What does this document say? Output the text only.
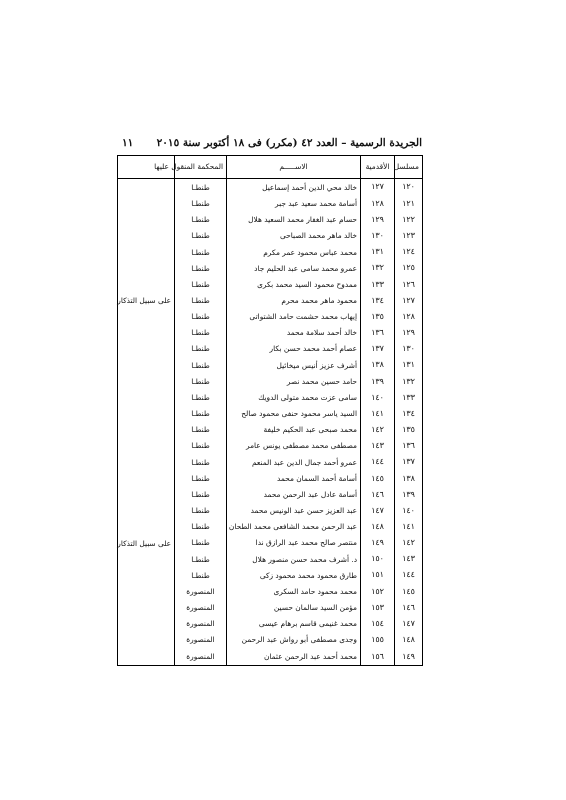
الجريدة الرسمية – العدد ٤٢ (مكرر) فى ١٨ أكتوبر سنة ٢٠١٥
١١
مسلسل	الأقدمية	الاســـــم	المحكمة المنقول عليها	
١٢٠	١٢٧	خالد محي الدين أحمد إسماعيل	طنطـا	على سبيل التذكار
١٢١	١٢٨	أسامة محمد سعيد عبد جبر	طنطـا	
١٢٢	١٢٩	حسام عبد الغفار محمد السعيد هلال	طنطـا	
١٢٣	١٣٠	خالد ماهر محمد الصباحى	طنطـا	
١٢٤	١٣١	محمد عباس محمود عمر مكرم	طنطـا	
١٢٥	١٣٢	عمرو محمد سامى عبد الحليم جاد	طنطـا	
١٢٦	١٣٣	ممدوح محمود السيد محمد بكرى	طنطـا	
١٢٧	١٣٤	محمود ماهر محمد محرم	طنطـا	
١٢٨	١٣٥	إيهاب محمد حشمت حامد الشتواتى	طنطـا	
١٢٩	١٣٦	خالد أحمد سلامة محمد	طنطـا	
١٣٠	١٣٧	عصام أحمد محمد حسن بكار	طنطـا	
١٣١	١٣٨	أشرف عزيز أنيس ميخائيل	طنطـا	
١٣٢	١٣٩	حامد حسين محمد نصر	طنطـا	
١٣٣	١٤٠	سامى عزت محمد متولى الدويك	طنطـا	
١٣٤	١٤١	السيد ياسر محمود حنفى محمود صالح	طنطـا	
١٣٥	١٤٢	محمد صبحى عبد الحكيم خليفة	طنطـا	على سبيل التذكار
١٣٦	١٤٣	مصطفى محمد مصطفى يونس عامر	طنطـا	
١٣٧	١٤٤	عمرو أحمد جمال الدين عبد المنعم	طنطـا	
١٣٨	١٤٥	أسامة أحمد السمان محمد	طنطـا	
١٣٩	١٤٦	أسامة عادل عبد الرحمن محمد	طنطـا	
١٤٠	١٤٧	عبد العزيز حسن عبد الونيس محمد	طنطـا	
١٤١	١٤٨	عبد الرحمن محمد الشافعى محمد الطحان	طنطـا	
١٤٢	١٤٩	منتصر صالح محمد عبد الرازق ندا	طنطـا	
١٤٣	١٥٠	د. أشرف محمد حسن منصور هلال	طنطـا	
١٤٤	١٥١	طارق محمود محمد محمود زكى	طنطـا	
١٤٥	١٥٢	محمد محمود حامد السكرى	المنصورة	
١٤٦	١٥٣	مؤمن السيد سالمان حسين	المنصورة	
١٤٧	١٥٤	محمد غنيمى قاسم برهام عيسى	المنصورة	
١٤٨	١٥٥	وجدى مصطفى أبو رواش عبد الرحمن	المنصورة	
١٤٩	١٥٦	محمد أحمد عبد الرحمن عثمان	المنصورة	
